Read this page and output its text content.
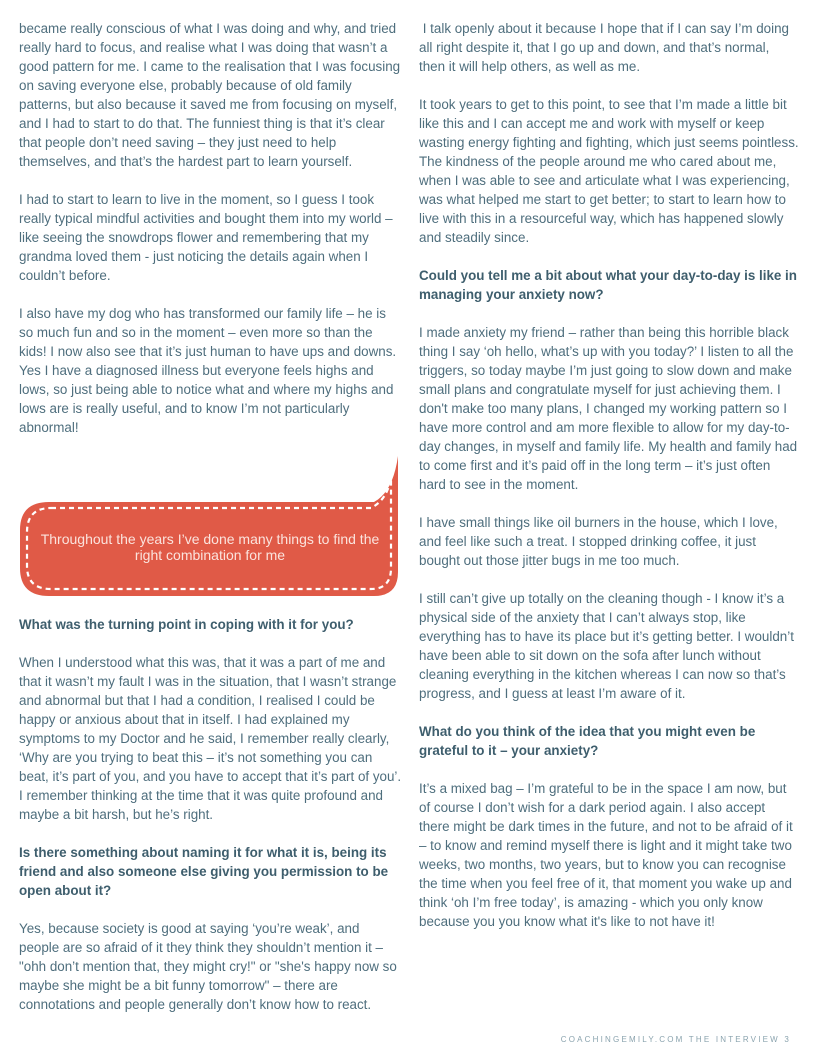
became really conscious of what I was doing and why, and tried really hard to focus, and realise what I was doing that wasn’t a good pattern for me. I came to the realisation that I was focusing on saving everyone else, probably because of old family patterns, but also because it saved me from focusing on myself, and I had to start to do that. The funniest thing is that it’s clear that people don’t need saving – they just need to help themselves, and that’s the hardest part to learn yourself.

I had to start to learn to live in the moment, so I guess I took really typical mindful activities and bought them into my world – like seeing the snowdrops flower and remembering that my grandma loved them - just noticing the details again when I couldn’t before.

I also have my dog who has transformed our family life – he is so much fun and so in the moment – even more so than the kids! I now also see that it’s just human to have ups and downs. Yes I have a diagnosed illness but everyone feels highs and lows, so just being able to notice what and where my highs and lows are is really useful, and to know I’m not particularly abnormal!

Throughout the years I’ve done many things to find the right combination for me
What was the turning point in coping with it for you?

When I understood what this was, that it was a part of me and that it wasn’t my fault I was in the situation, that I wasn’t strange and abnormal but that I had a condition, I realised I could be happy or anxious about that in itself. I had explained my symptoms to my Doctor and he said, I remember really clearly, ‘Why are you trying to beat this – it’s not something you can beat, it’s part of you, and you have to accept that it’s part of you’. I remember thinking at the time that it was quite profound and maybe a bit harsh, but he’s right.

Is there something about naming it for what it is, being its friend and also someone else giving you permission to be open about it?

Yes, because society is good at saying ‘you’re weak’, and people are so afraid of it they think they shouldn’t mention it – "ohh don’t mention that, they might cry!" or "she's happy now so maybe she might be a bit funny tomorrow" – there are connotations and people generally don’t know how to react.

I talk openly about it because I hope that if I can say I’m doing all right despite it, that I go up and down, and that’s normal, then it will help others, as well as me.

It took years to get to this point, to see that I’m made a little bit like this and I can accept me and work with myself or keep wasting energy fighting and fighting, which just seems pointless. The kindness of the people around me who cared about me, when I was able to see and articulate what I was experiencing, was what helped me start to get better; to start to learn how to live with this in a resourceful way, which has happened slowly and steadily since.

Could you tell me a bit about what your day-to-day is like in managing your anxiety now?

I made anxiety my friend – rather than being this horrible black thing I say ‘oh hello, what’s up with you today?’ I listen to all the triggers, so today maybe I’m just going to slow down and make small plans and congratulate myself for just achieving them. I don't make too many plans, I changed my working pattern so I have more control and am more flexible to allow for my day-to-day changes, in myself and family life. My health and family had to come first and it’s paid off in the long term – it’s just often hard to see in the moment.

I have small things like oil burners in the house, which I love, and feel like such a treat. I stopped drinking coffee, it just bought out those jitter bugs in me too much.

I still can’t give up totally on the cleaning though - I know it’s a physical side of the anxiety that I can’t always stop, like everything has to have its place but it’s getting better. I wouldn’t have been able to sit down on the sofa after lunch without cleaning everything in the kitchen whereas I can now so that’s progress, and I guess at least I’m aware of it.

What do you think of the idea that you might even be grateful to it – your anxiety?

It’s a mixed bag – I’m grateful to be in the space I am now, but of course I don’t wish for a dark period again. I also accept there might be dark times in the future, and not to be afraid of it – to know and remind myself there is light and it might take two weeks, two months, two years, but to know you can recognise the time when you feel free of it, that moment you wake up and think ‘oh I’m free today’, is amazing - which you only know because you you know what it's like to not have it!

COACHINGEMILY.COM THE INTERVIEW 3
